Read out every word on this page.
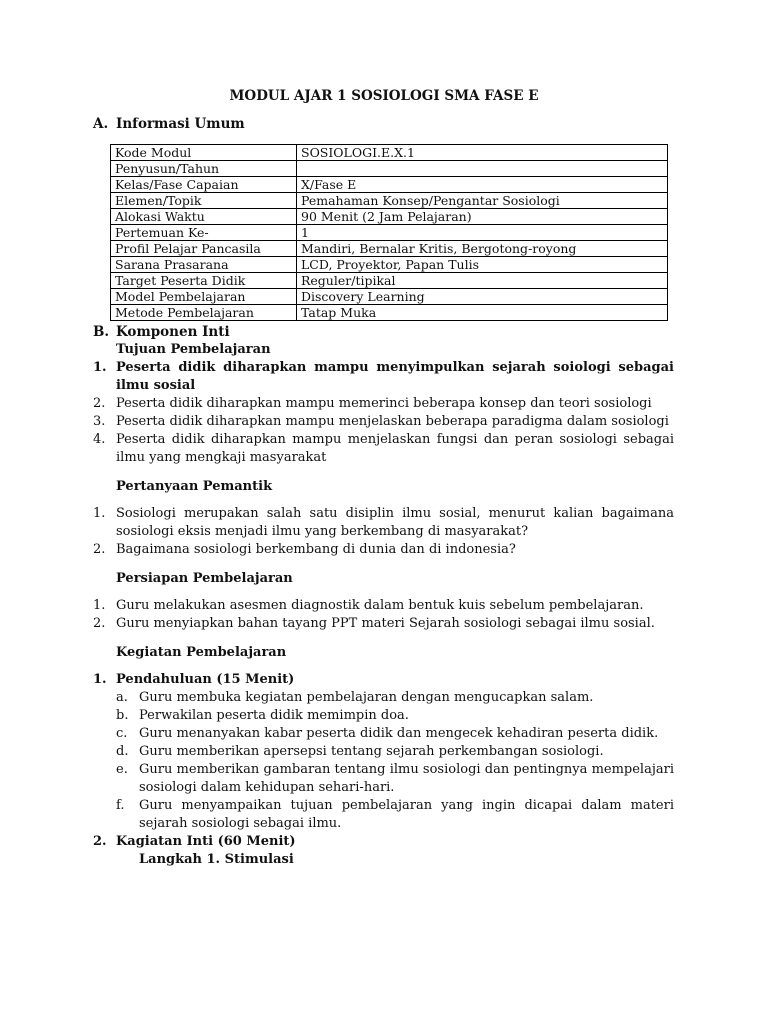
MODUL AJAR 1 SOSIOLOGI SMA FASE E
A. Informasi Umum
Kode Modul	SOSIOLOGI.E.X.1
Penyusun/Tahun	
Kelas/Fase Capaian	X/Fase E
Elemen/Topik	Pemahaman Konsep/Pengantar Sosiologi
Alokasi Waktu	90 Menit (2 Jam Pelajaran)
Pertemuan Ke-	1
Profil Pelajar Pancasila	Mandiri, Bernalar Kritis, Bergotong-royong
Sarana Prasarana	LCD, Proyektor, Papan Tulis
Target Peserta Didik	Reguler/tipikal
Model Pembelajaran	Discovery Learning
Metode Pembelajaran	Tatap Muka
B. Komponen Inti
Tujuan Pembelajaran
1. Peserta didik diharapkan mampu menyimpulkan sejarah soiologi sebagai ilmu sosial
2. Peserta didik diharapkan mampu memerinci beberapa konsep dan teori sosiologi
3. Peserta didik diharapkan mampu menjelaskan beberapa paradigma dalam sosiologi
4. Peserta didik diharapkan mampu menjelaskan fungsi dan peran sosiologi sebagai ilmu yang mengkaji masyarakat
Pertanyaan Pemantik
1. Sosiologi merupakan salah satu disiplin ilmu sosial, menurut kalian bagaimana sosiologi eksis menjadi ilmu yang berkembang di masyarakat?
2. Bagaimana sosiologi berkembang di dunia dan di indonesia?
Persiapan Pembelajaran
1. Guru melakukan asesmen diagnostik dalam bentuk kuis sebelum pembelajaran.
2. Guru menyiapkan bahan tayang PPT materi Sejarah sosiologi sebagai ilmu sosial.
Kegiatan Pembelajaran
1. Pendahuluan (15 Menit)
a. Guru membuka kegiatan pembelajaran dengan mengucapkan salam.
b. Perwakilan peserta didik memimpin doa.
c. Guru menanyakan kabar peserta didik dan mengecek kehadiran peserta didik.
d. Guru memberikan apersepsi tentang sejarah perkembangan sosiologi.
e. Guru memberikan gambaran tentang ilmu sosiologi dan pentingnya mempelajari sosiologi dalam kehidupan sehari-hari.
f. Guru menyampaikan tujuan pembelajaran yang ingin dicapai dalam materi sejarah sosiologi sebagai ilmu.
2. Kagiatan Inti (60 Menit)
Langkah 1. Stimulasi
